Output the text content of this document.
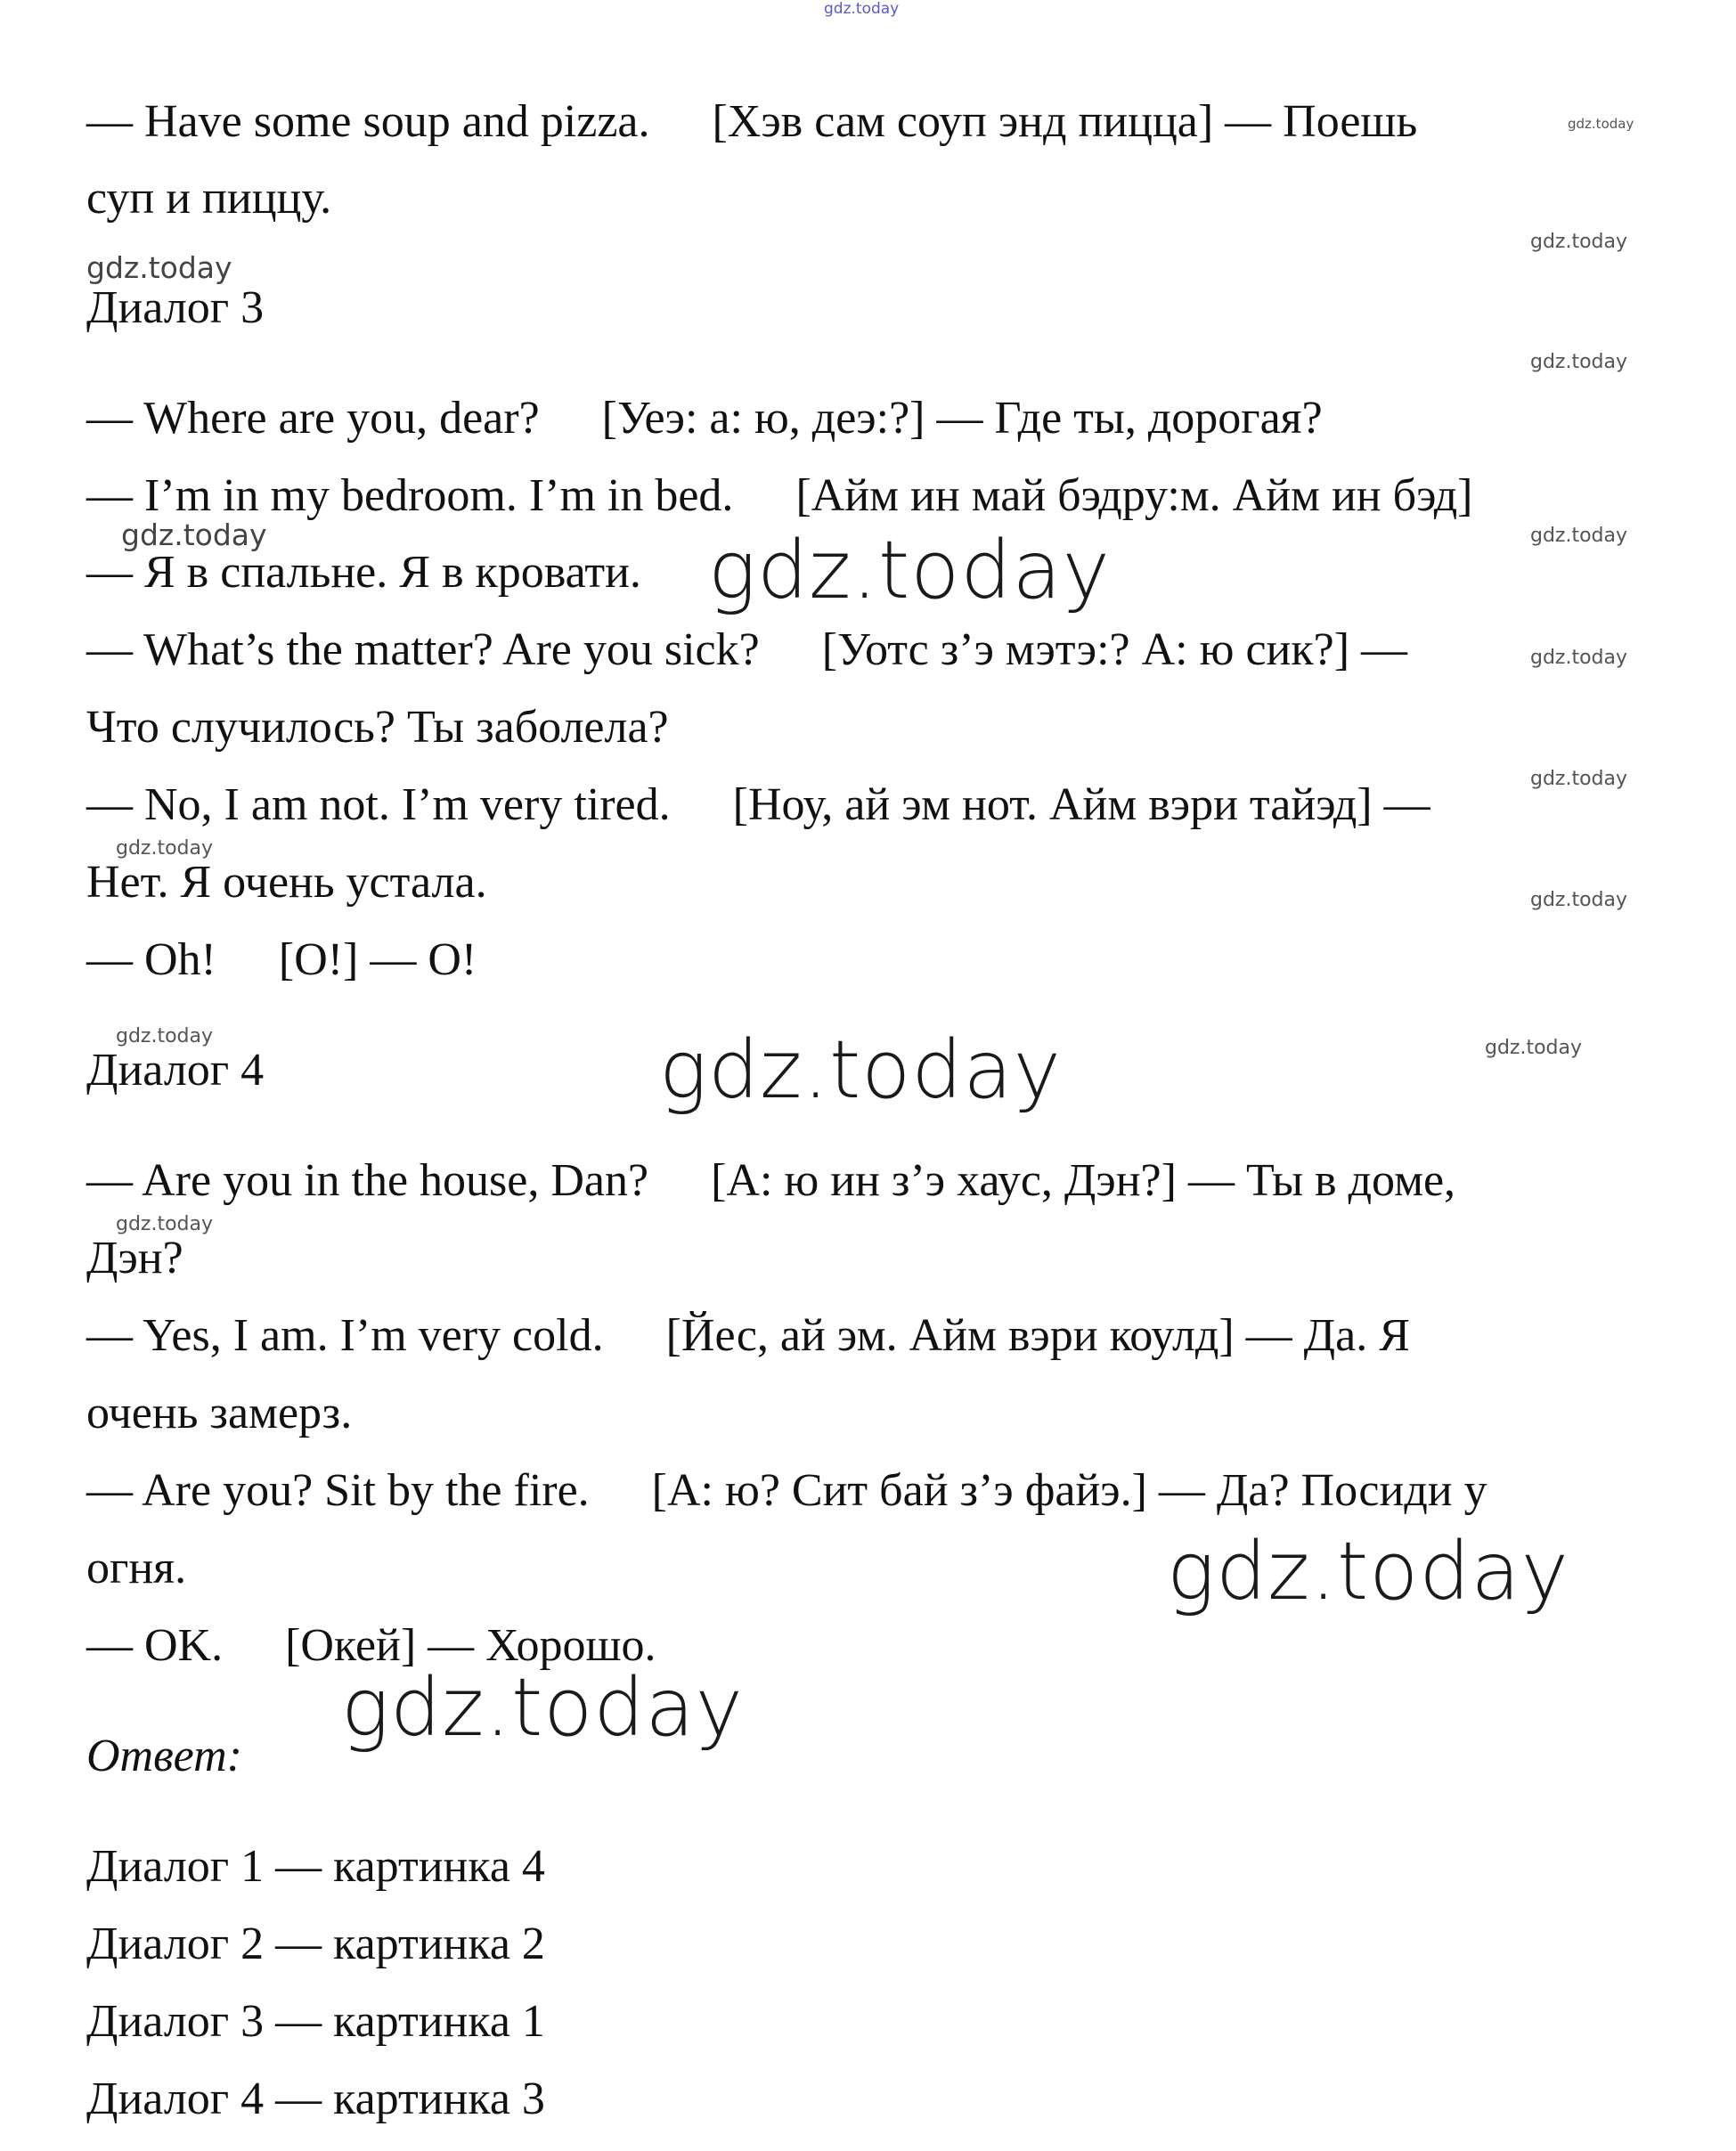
gdz.today
— Have some soup and pizza. [Хэв сам соуп энд пицца] — Поешь
суп и пиццу.
Диалог 3
— Where are you, dear? [Уеэ: а: ю, деэ:?] — Где ты, дорогая?
— I’m in my bedroom. I’m in bed. [Айм ин май бэдру:м. Айм ин бэд]
— Я в спальне. Я в кровати.
— What’s the matter? Are you sick? [Уотс з’э мэтэ:? А: ю сик?] —
Что случилось? Ты заболела?
— No, I am not. I’m very tired. [Ноу, ай эм нот. Айм вэри тайэд] —
Нет. Я очень устала.
— Oh! [O!] — О!
Диалог 4
— Are you in the house, Dan? [А: ю ин з’э хаус, Дэн?] — Ты в доме,
Дэн?
— Yes, I am. I’m very cold. [Йес, ай эм. Айм вэри коулд] — Да. Я
очень замерз.
— Are you? Sit by the fire. [А: ю? Сит бай з’э файэ.] — Да? Посиди у
огня.
— OK. [Окей] — Хорошо.
Ответ:
Диалог 1 — картинка 4
Диалог 2 — картинка 2
Диалог 3 — картинка 1
Диалог 4 — картинка 3
gdz.today
gdz.today
gdz.today
gdz.today
gdz.today	gdz.today
gdz.today
gdz.today
gdz.today
gdz.today
gdz.today
gdz.today
gdz.today
gdz.today
gdz.today
gdz.today
gdz.today
